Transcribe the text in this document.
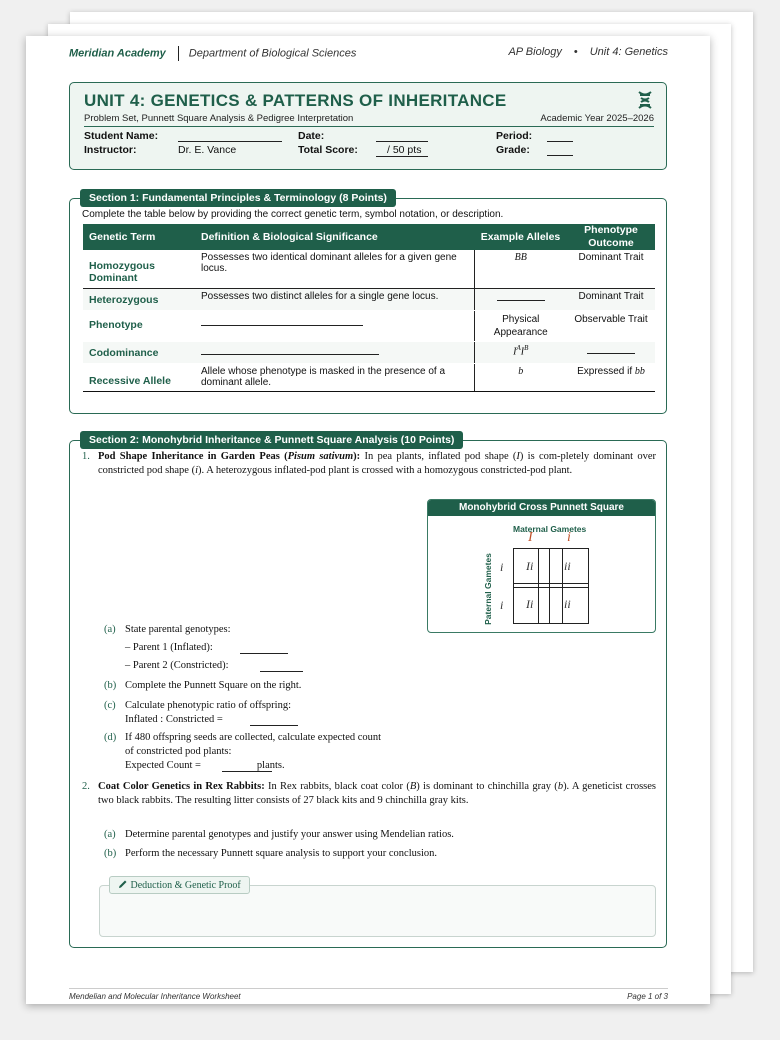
Meridian Academy Department of Biological Sciences	AP Biology • Unit 4: Genetics
UNIT 4: GENETICS & PATTERNS OF INHERITANCE
Problem Set, Punnett Square Analysis & Pedigree Interpretation	Academic Year 2025–2026
Student Name:	Date:	Period:
Instructor:	Dr. E. Vance	Total Score:	/ 50 pts	Grade:
Section 1: Fundamental Principles & Terminology (8 Points)
Complete the table below by providing the correct genetic term, symbol notation, or description.
Genetic Term	Definition & Biological Significance	Example Alleles	Phenotype Outcome
Homozygous Dominant	Possesses two identical dominant alleles for a given gene locus.	BB	Dominant Trait
Heterozygous	Possesses two distinct alleles for a single gene locus.		Dominant Trait
Phenotype		Physical Appearance	Observable Trait
Codominance		$I^AI^B$	
Recessive Allele	Allele whose phenotype is masked in the presence of a dominant allele.	b	Expressed if bb
Section 2: Monohybrid Inheritance & Punnett Square Analysis (10 Points)
1. Pod Shape Inheritance in Garden Peas (Pisum sativum): In pea plants, inflated pod shape (I) is com-pletely dominant over constricted pod shape (i). A heterozygous inflated-pod plant is crossed with a homozygous constricted-pod plant.
Monohybrid Cross Punnett Square
Maternal Gametes
Paternal Gametes
I i
i
i
Ii	ii
Ii	ii
(a) State parental genotypes:
– Parent 1 (Inflated):
– Parent 2 (Constricted):
(b) Complete the Punnett Square on the right.
(c) Calculate phenotypic ratio of offspring:
Inflated : Constricted =
(d) If 480 offspring seeds are collected, calculate expected count
of constricted pod plants:
Expected Count =	plants.
2. Coat Color Genetics in Rex Rabbits: In Rex rabbits, black coat color (B) is dominant to chinchilla gray (b). A geneticist crosses two black rabbits. The resulting litter consists of 27 black kits and 9 chinchilla gray kits.
(a) Determine parental genotypes and justify your answer using Mendelian ratios.
(b) Perform the necessary Punnett square analysis to support your conclusion.
Deduction & Genetic Proof
Mendelian and Molecular Inheritance Worksheet	Page 1 of 3
